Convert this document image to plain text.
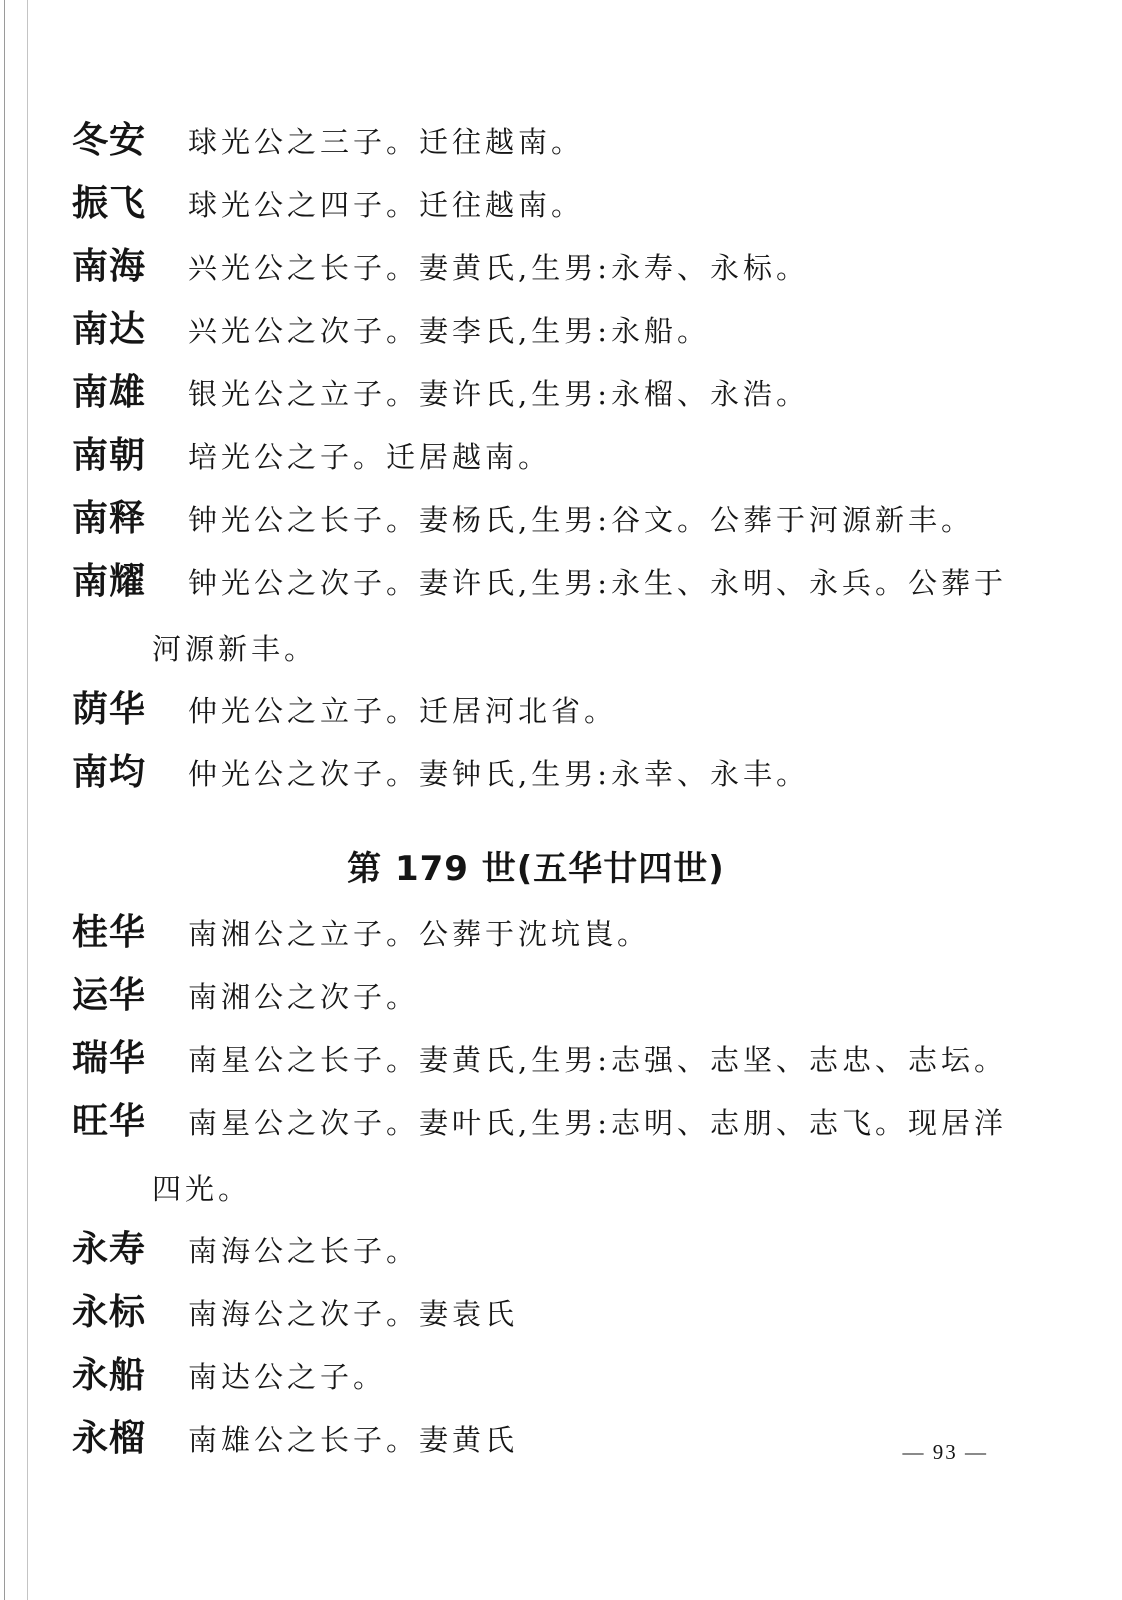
冬安	球光公之三子。迁往越南。
振飞	球光公之四子。迁往越南。
南海	兴光公之长子。妻黄氏,生男:永寿、永标。
南达	兴光公之次子。妻李氏,生男:永船。
南雄	银光公之立子。妻许氏,生男:永榴、永浩。
南朝	培光公之子。迁居越南。
南释	钟光公之长子。妻杨氏,生男:谷文。公葬于河源新丰。
南耀 钟光公之次子。妻许氏,生男:永生、永明、永兵。公葬于
河源新丰。
荫华	仲光公之立子。迁居河北省。
南均	仲光公之次子。妻钟氏,生男:永幸、永丰。
第 179 世(五华廿四世)
桂华	南湘公之立子。公葬于沈坑崀。
运华	南湘公之次子。
瑞华	南星公之长子。妻黄氏,生男:志强、志坚、志忠、志坛。
旺华 南星公之次子。妻叶氏,生男:志明、志朋、志飞。现居洋
四光。
永寿	南海公之长子。
永标	南海公之次子。妻袁氏
永船	南达公之子。
永榴	南雄公之长子。妻黄氏	— 93 —
